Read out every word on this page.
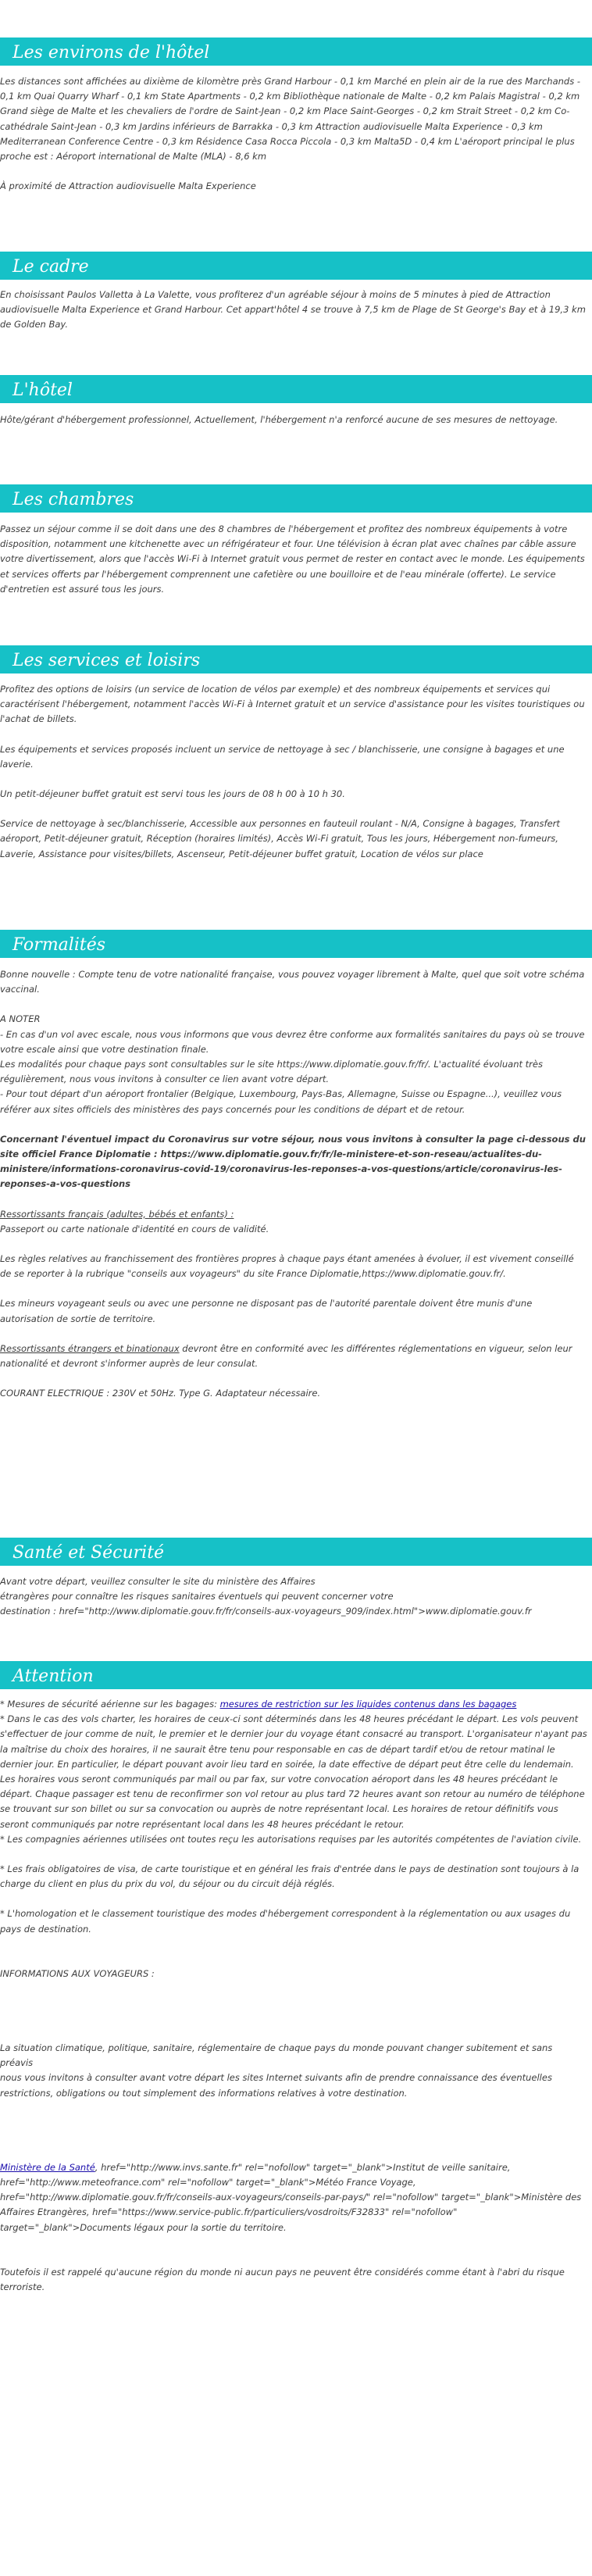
Les environs de l'hôtel

Les distances sont affichées au dixième de kilomètre près Grand Harbour - 0,1 km Marché en plein air de la rue des Marchands - 0,1 km Quai Quarry Wharf - 0,1 km State Apartments - 0,2 km Bibliothèque nationale de Malte - 0,2 km Palais Magistral - 0,2 km Grand siège de Malte et les chevaliers de l'ordre de Saint-Jean - 0,2 km Place Saint-Georges - 0,2 km Strait Street - 0,2 km Co-cathédrale Saint-Jean - 0,3 km Jardins inférieurs de Barrakka - 0,3 km Attraction audiovisuelle Malta Experience - 0,3 km Mediterranean Conference Centre - 0,3 km Résidence Casa Rocca Piccola - 0,3 km Malta5D - 0,4 km L'aéroport principal le plus proche est : Aéroport international de Malte (MLA) - 8,6 km

À proximité de Attraction audiovisuelle Malta Experience

Le cadre

En choisissant Paulos Valletta à La Valette, vous profiterez d'un agréable séjour à moins de 5 minutes à pied de Attraction audiovisuelle Malta Experience et Grand Harbour. Cet appart'hôtel 4 se trouve à 7,5 km de Plage de St George's Bay et à 19,3 km de Golden Bay.

L'hôtel

Hôte/gérant d'hébergement professionnel, Actuellement, l'hébergement n'a renforcé aucune de ses mesures de nettoyage.

Les chambres

Passez un séjour comme il se doit dans une des 8 chambres de l'hébergement et profitez des nombreux équipements à votre disposition, notamment une kitchenette avec un réfrigérateur et four. Une télévision à écran plat avec chaînes par câble assure votre divertissement, alors que l'accès Wi-Fi à Internet gratuit vous permet de rester en contact avec le monde. Les équipements et services offerts par l'hébergement comprennent une cafetière ou une bouilloire et de l'eau minérale (offerte). Le service d'entretien est assuré tous les jours.

Les services et loisirs

Profitez des options de loisirs (un service de location de vélos par exemple) et des nombreux équipements et services qui caractérisent l'hébergement, notamment l'accès Wi-Fi à Internet gratuit et un service d'assistance pour les visites touristiques ou l'achat de billets.

Les équipements et services proposés incluent un service de nettoyage à sec / blanchisserie, une consigne à bagages et une laverie.

Un petit-déjeuner buffet gratuit est servi tous les jours de 08 h 00 à 10 h 30.

Service de nettoyage à sec/blanchisserie, Accessible aux personnes en fauteuil roulant - N/A, Consigne à bagages, Transfert aéroport, Petit-déjeuner gratuit, Réception (horaires limités), Accès Wi-Fi gratuit, Tous les jours, Hébergement non-fumeurs, Laverie, Assistance pour visites/billets, Ascenseur, Petit-déjeuner buffet gratuit, Location de vélos sur place

Formalités

Bonne nouvelle : Compte tenu de votre nationalité française, vous pouvez voyager librement à Malte, quel que soit votre schéma vaccinal.

A NOTER

- En cas d'un vol avec escale, nous vous informons que vous devrez être conforme aux formalités sanitaires du pays où se trouve votre escale ainsi que votre destination finale.

Les modalités pour chaque pays sont consultables sur le site https://www.diplomatie.gouv.fr/fr/. L'actualité évoluant très régulièrement, nous vous invitons à consulter ce lien avant votre départ.

- Pour tout départ d'un aéroport frontalier (Belgique, Luxembourg, Pays-Bas, Allemagne, Suisse ou Espagne...), veuillez vous référer aux sites officiels des ministères des pays concernés pour les conditions de départ et de retour.

Concernant l'éventuel impact du Coronavirus sur votre séjour, nous vous invitons à consulter la page ci-dessous du site officiel France Diplomatie : https://www.diplomatie.gouv.fr/fr/le-ministere-et-son-reseau/actualites-du-ministere/informations-coronavirus-covid-19/coronavirus-les-reponses-a-vos-questions/article/coronavirus-les-reponses-a-vos-questions

Ressortissants français (adultes, bébés et enfants) :

Passeport ou carte nationale d'identité en cours de validité.

Les règles relatives au franchissement des frontières propres à chaque pays étant amenées à évoluer, il est vivement conseillé de se reporter à la rubrique "conseils aux voyageurs" du site France Diplomatie,https://www.diplomatie.gouv.fr/.

Les mineurs voyageant seuls ou avec une personne ne disposant pas de l'autorité parentale doivent être munis d'une autorisation de sortie de territoire.

Ressortissants étrangers et binationaux devront être en conformité avec les différentes réglementations en vigueur, selon leur nationalité et devront s'informer auprès de leur consulat.

COURANT ELECTRIQUE : 230V et 50Hz. Type G. Adaptateur nécessaire.

Santé et Sécurité

Avant votre départ, veuillez consulter le site du ministère des Affaires

étrangères pour connaître les risques sanitaires éventuels qui peuvent concerner votre

destination : href="http://www.diplomatie.gouv.fr/fr/conseils-aux-voyageurs_909/index.html">www.diplomatie.gouv.fr

Attention

* Mesures de sécurité aérienne sur les bagages: mesures de restriction sur les liquides contenus dans les bagages

* Dans le cas des vols charter, les horaires de ceux-ci sont déterminés dans les 48 heures précédant le départ. Les vols peuvent s'effectuer de jour comme de nuit, le premier et le dernier jour du voyage étant consacré au transport. L'organisateur n'ayant pas la maîtrise du choix des horaires, il ne saurait être tenu pour responsable en cas de départ tardif et/ou de retour matinal le dernier jour. En particulier, le départ pouvant avoir lieu tard en soirée, la date effective de départ peut être celle du lendemain. Les horaires vous seront communiqués par mail ou par fax, sur votre convocation aéroport dans les 48 heures précédant le départ. Chaque passager est tenu de reconfirmer son vol retour au plus tard 72 heures avant son retour au numéro de téléphone se trouvant sur son billet ou sur sa convocation ou auprès de notre représentant local. Les horaires de retour définitifs vous seront communiqués par notre représentant local dans les 48 heures précédant le retour.

* Les compagnies aériennes utilisées ont toutes reçu les autorisations requises par les autorités compétentes de l'aviation civile.

* Les frais obligatoires de visa, de carte touristique et en général les frais d'entrée dans le pays de destination sont toujours à la charge du client en plus du prix du vol, du séjour ou du circuit déjà réglés.

* L'homologation et le classement touristique des modes d'hébergement correspondent à la réglementation ou aux usages du pays de destination.

INFORMATIONS AUX VOYAGEURS :

La situation climatique, politique, sanitaire, réglementaire de chaque pays du monde pouvant changer subitement et sans préavis

nous vous invitons à consulter avant votre départ les sites Internet suivants afin de prendre connaissance des éventuelles restrictions, obligations ou tout simplement des informations relatives à votre destination.

Ministère de la Santé, href="http://www.invs.sante.fr" rel="nofollow" target="_blank">Institut de veille sanitaire, href="http://www.meteofrance.com" rel="nofollow" target="_blank">Météo France Voyage, href="http://www.diplomatie.gouv.fr/fr/conseils-aux-voyageurs/conseils-par-pays/" rel="nofollow" target="_blank">Ministère des Affaires Etrangères, href="https://www.service-public.fr/particuliers/vosdroits/F32833" rel="nofollow" target="_blank">Documents légaux pour la sortie du territoire.

Toutefois il est rappelé qu'aucune région du monde ni aucun pays ne peuvent être considérés comme étant à l'abri du risque terroriste.
